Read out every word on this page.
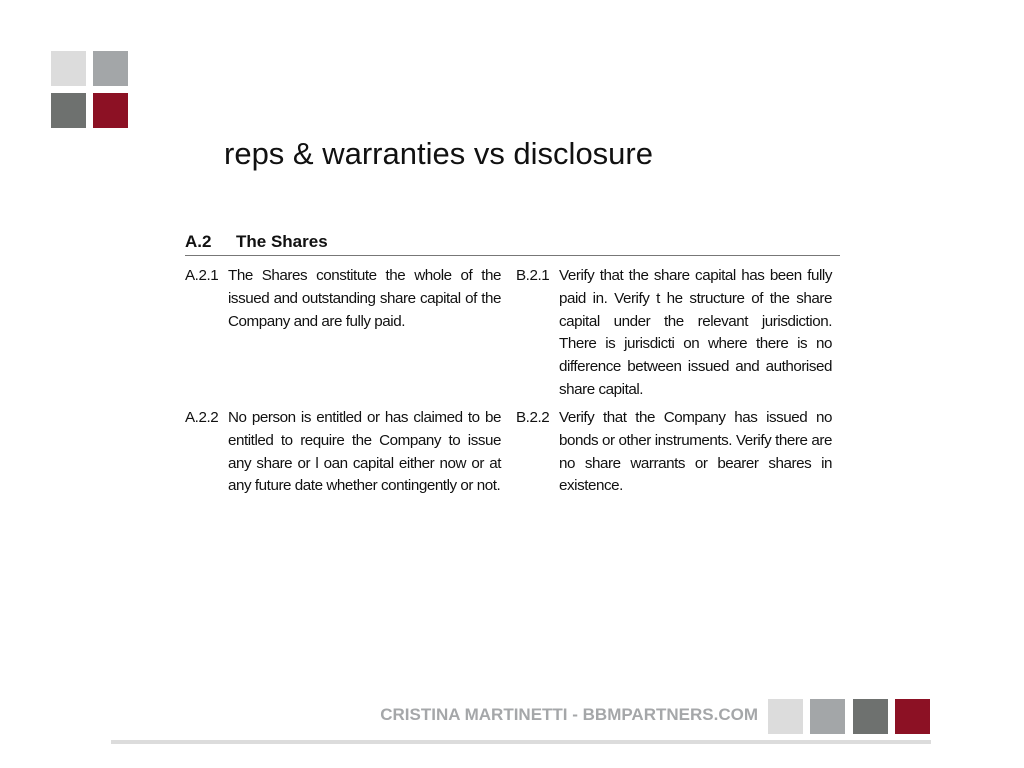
reps & warranties vs disclosure
A.2 The Shares
A.2.1 The Shares constitute the whole of the issued and outstanding share capital of the Company and are fully paid.
B.2.1 Verify that the share capital has been fully paid in. Verify t he structure of the share capital under the relevant jurisdiction. There is jurisdicti on where there is no difference between issued and authorised share capital.
A.2.2 No person is entitled or has claimed to be entitled to require the Company to issue any share or l oan capital either now or at any future date whether contingently or not.
B.2.2 Verify that the Company has issued no bonds or other instruments. Verify there are no share warrants or bearer shares in existence.
CRISTINA MARTINETTI - BBMPARTNERS.COM
